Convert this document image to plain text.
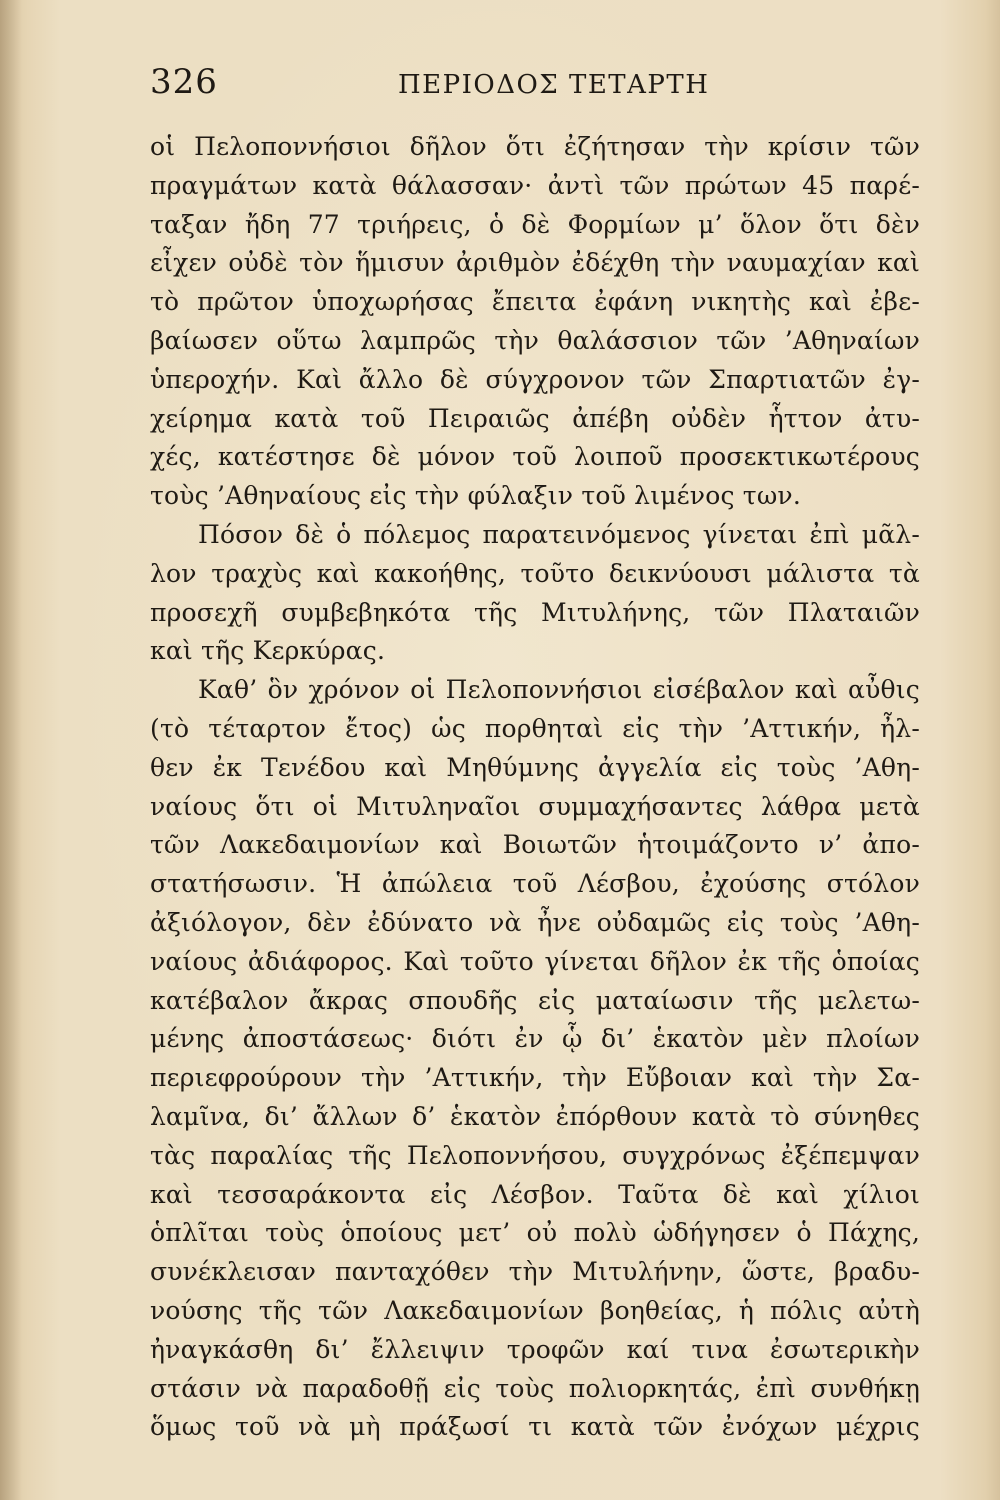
326	ΠΕΡΙΟΔΟΣ ΤΕΤΑΡΤΗ
οἱ Πελοποννήσιοι δῆλον ὅτι ἐζήτησαν τὴν κρίσιν τῶν
πραγμάτων κατὰ θάλασσαν· ἀντὶ τῶν πρώτων 45 παρέ-
ταξαν ἤδη 77 τριήρεις, ὁ δὲ Φορμίων μ’ ὅλον ὅτι δὲν
εἶχεν οὐδὲ τὸν ἥμισυν ἀριθμὸν ἐδέχθη τὴν ναυμαχίαν καὶ
τὸ πρῶτον ὑποχωρήσας ἔπειτα ἐφάνη νικητὴς καὶ ἐβε-
βαίωσεν οὕτω λαμπρῶς τὴν θαλάσσιον τῶν ’Αθηναίων
ὑπεροχήν. Καὶ ἄλλο δὲ σύγχρονον τῶν Σπαρτιατῶν ἐγ-
χείρημα κατὰ τοῦ Πειραιῶς ἀπέβη οὐδὲν ἧττον ἀτυ-
χές, κατέστησε δὲ μόνον τοῦ λοιποῦ προσεκτικωτέρους
τοὺς ’Αθηναίους εἰς τὴν φύλαξιν τοῦ λιμένος των.
Πόσον δὲ ὁ πόλεμος παρατεινόμενος γίνεται ἐπὶ μᾶλ-
λον τραχὺς καὶ κακοήθης, τοῦτο δεικνύουσι μάλιστα τὰ
προσεχῆ συμβεβηκότα τῆς Μιτυλήνης, τῶν Πλαταιῶν
καὶ τῆς Κερκύρας.
Καθ’ ὃν χρόνον οἱ Πελοποννήσιοι εἰσέβαλον καὶ αὖθις
(τὸ τέταρτον ἔτος) ὡς πορθηταὶ εἰς τὴν ’Αττικήν, ἦλ-
θεν ἐκ Τενέδου καὶ Μηθύμνης ἀγγελία εἰς τοὺς ’Αθη-
ναίους ὅτι οἱ Μιτυληναῖοι συμμαχήσαντες λάθρα μετὰ
τῶν Λακεδαιμονίων καὶ Βοιωτῶν ἡτοιμάζοντο ν’ ἀπο-
στατήσωσιν. Ἡ ἀπώλεια τοῦ Λέσβου, ἐχούσης στόλον
ἀξιόλογον, δὲν ἐδύνατο νὰ ἦνε οὐδαμῶς εἰς τοὺς ’Αθη-
ναίους ἀδιάφορος. Καὶ τοῦτο γίνεται δῆλον ἐκ τῆς ὁποίας
κατέβαλον ἄκρας σπουδῆς εἰς ματαίωσιν τῆς μελετω-
μένης ἀποστάσεως· διότι ἐν ᾧ δι’ ἑκατὸν μὲν πλοίων
περιεφρούρουν τὴν ’Αττικήν, τὴν Εὔβοιαν καὶ τὴν Σα-
λαμῖνα, δι’ ἄλλων δ’ ἑκατὸν ἐπόρθουν κατὰ τὸ σύνηθες
τὰς παραλίας τῆς Πελοποννήσου, συγχρόνως ἐξέπεμψαν
καὶ τεσσαράκοντα εἰς Λέσβον. Ταῦτα δὲ καὶ χίλιοι
ὁπλῖται τοὺς ὁποίους μετ’ οὐ πολὺ ὡδήγησεν ὁ Πάχης,
συνέκλεισαν πανταχόθεν τὴν Μιτυλήνην, ὥστε, βραδυ-
νούσης τῆς τῶν Λακεδαιμονίων βοηθείας, ἡ πόλις αὐτὴ
ἠναγκάσθη δι’ ἔλλειψιν τροφῶν καί τινα ἐσωτερικὴν
στάσιν νὰ παραδοθῇ εἰς τοὺς πολιορκητάς, ἐπὶ συνθήκῃ
ὅμως τοῦ νὰ μὴ πράξωσί τι κατὰ τῶν ἐνόχων μέχρις
